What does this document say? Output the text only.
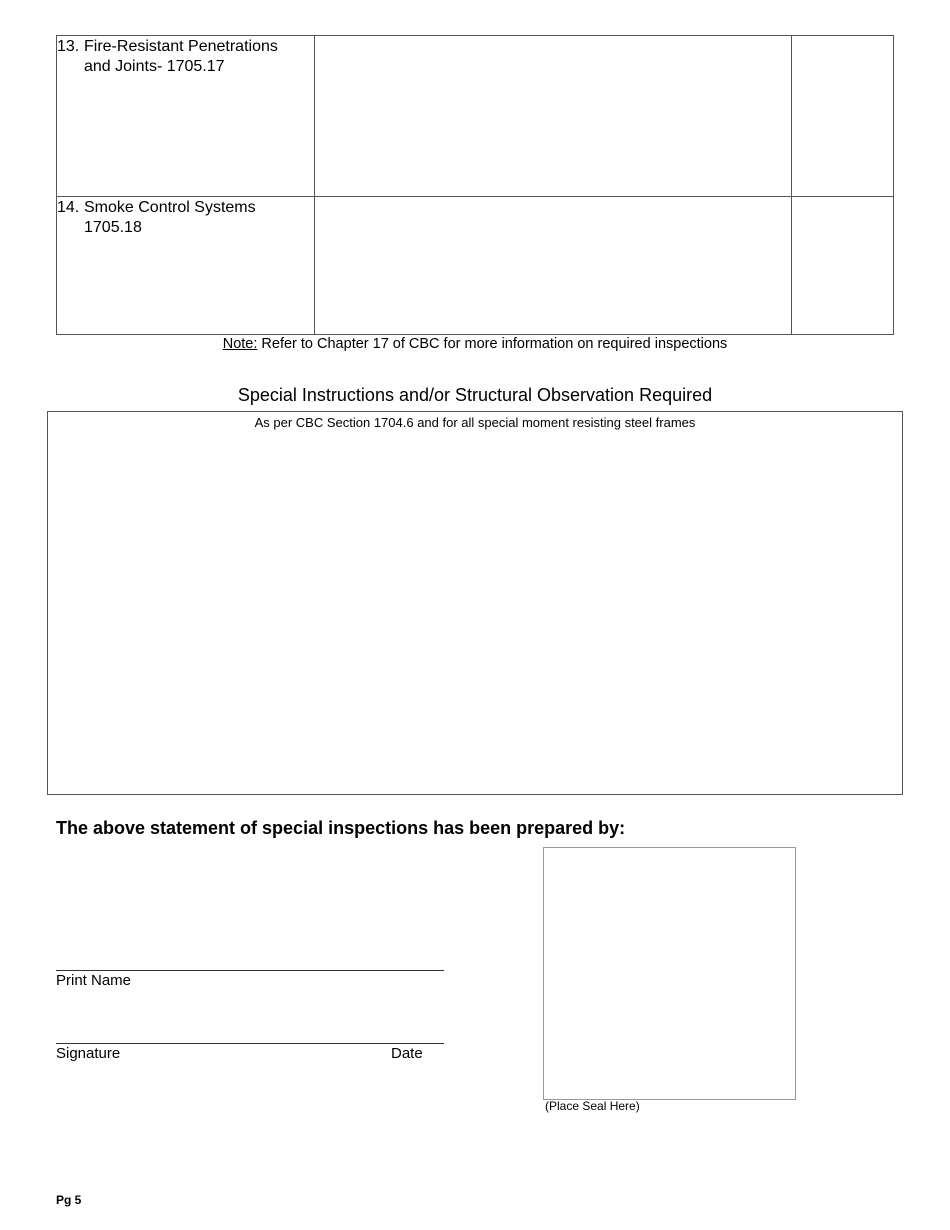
13. Fire-Resistant Penetrations
and Joints- 1705.17		

14. Smoke Control Systems
1705.18		

Note: Refer to Chapter 17 of CBC for more information on required inspections
Special Instructions and/or Structural Observation Required
As per CBC Section 1704.6 and for all special moment resisting steel frames
The above statement of special inspections has been prepared by:
Print Name
Signature	Date
(Place Seal Here)
Pg 5
